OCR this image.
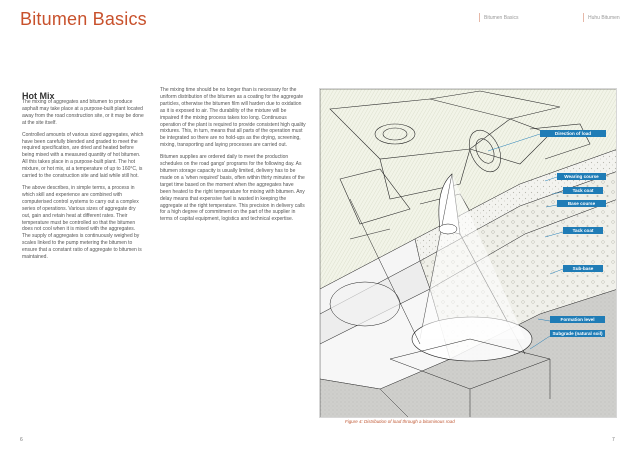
Bitumen Basics	Bitumen Basics	Huhu Bitumen
Hot Mix

The mixing of aggregates and bitumen to produce asphalt may take place at a purpose-built plant located away from the road construction site, or it may be done at the site itself.

Controlled amounts of various sized aggregates, which have been carefully blended and graded to meet the required specification, are dried and heated before being mixed with a measured quantity of hot bitumen. All this takes place in a purpose-built plant. The hot mixture, or hot mix, at a temperature of up to 160°C, is carried to the construction site and laid while still hot.

The above describes, in simple terms, a process in which skill and experience are combined with computerised control systems to carry out a complex series of operations. Various sizes of aggregate dry out, gain and retain heat at different rates. Their temperature must be controlled so that the bitumen does not cool when it is mixed with the aggregates. The supply of aggregates is continuously weighed by scales linked to the pump metering the bitumen to ensure that a constant ratio of aggregate to bitumen is maintained.

The mixing time should be no longer than is necessary for the uniform distribution of the bitumen as a coating for the aggregate particles, otherwise the bitumen film will harden due to oxidation as it is exposed to air. The durability of the mixture will be impaired if the mixing process takes too long. Continuous operation of the plant is required to provide consistent high quality mixtures. This, in turn, means that all parts of the operation must be integrated so there are no hold-ups as the drying, screening, mixing, transporting and laying processes are carried out.

Bitumen supplies are ordered daily to meet the production schedules on the road gangs' programs for the following day. As bitumen storage capacity is usually limited, delivery has to be made on a 'when required' basis, often within thirty minutes of the target time based on the moment when the aggregates have been heated to the right temperature for mixing with bitumen. Any delay means that expensive fuel is wasted in keeping the aggregate at the right temperature. This precision in delivery calls for a high degree of commitment on the part of the supplier in terms of capital equipment, logistics and technical expertise.

Direction of load
Wearing course
Tack coat
Base course
Tack coat
Sub-base
Formation level
Subgrade (natural soil)
Figure 4: Distribution of load through a bituminous road
6	7
